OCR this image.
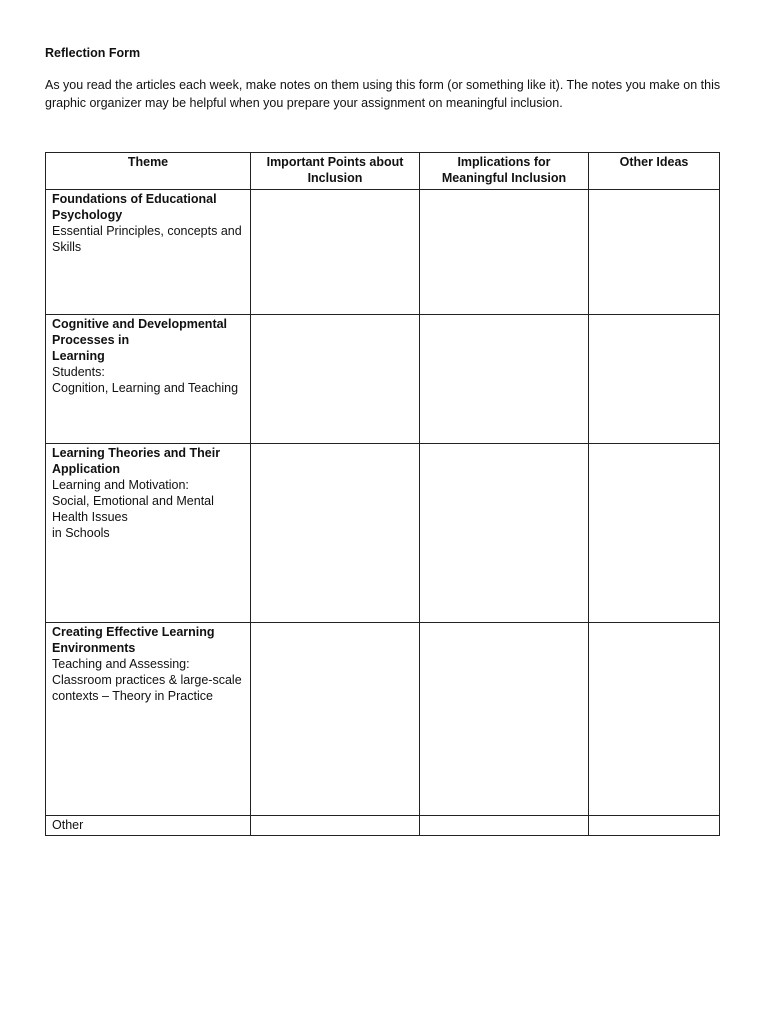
Reflection Form

As you read the articles each week, make notes on them using this form (or something like it). The notes you make on this graphic organizer may be helpful when you prepare your assignment on meaningful inclusion.

Theme	Important Points about Inclusion	Implications for Meaningful Inclusion	Other Ideas

Foundations of Educational Psychology
Essential Principles, concepts and Skills			

Cognitive and Developmental Processes in
Learning
Students:
Cognition, Learning and Teaching			

Learning Theories and Their Application
Learning and Motivation:
Social, Emotional and Mental Health Issues
in Schools			

Creating Effective Learning Environments
Teaching and Assessing:
Classroom practices & large-scale
contexts – Theory in Practice			

Other			
